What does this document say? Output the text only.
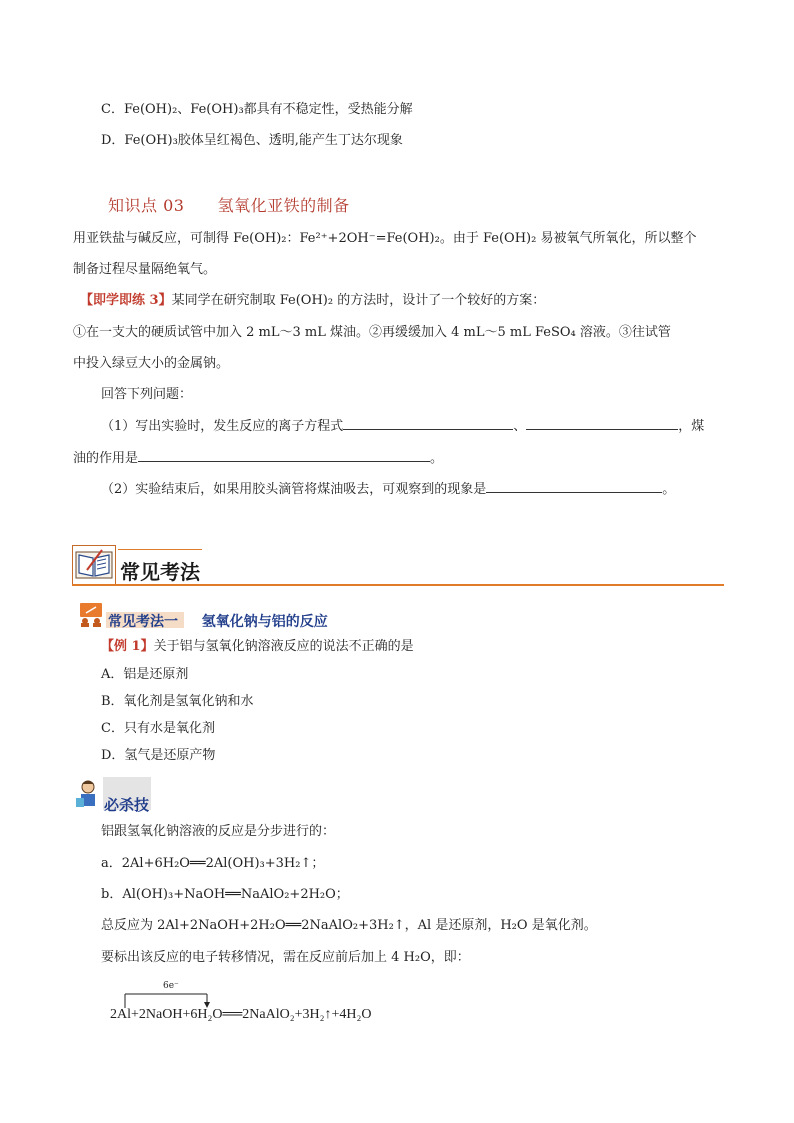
C．Fe(OH)₂、Fe(OH)₃都具有不稳定性，受热能分解
D．Fe(OH)₃胶体呈红褐色、透明,能产生丁达尔现象
知识点 03 氢氧化亚铁的制备
用亚铁盐与碱反应，可制得 Fe(OH)₂：Fe²⁺+2OH⁻=Fe(OH)₂。由于 Fe(OH)₂ 易被氧气所氧化，所以整个
制备过程尽量隔绝氧气。
【即学即练 3】某同学在研究制取 Fe(OH)₂ 的方法时，设计了一个较好的方案：
①在一支大的硬质试管中加入 2 mL～3 mL 煤油。②再缓缓加入 4 mL～5 mL FeSO₄ 溶液。③往试管
中投入绿豆大小的金属钠。
回答下列问题：
（1）写出实验时，发生反应的离子方程式	、	，煤
油的作用是	。
（2）实验结束后，如果用胶头滴管将煤油吸去，可观察到的现象是	。
常见考法
常见考法一 氢氧化钠与铝的反应
【例 1】关于铝与氢氧化钠溶液反应的说法不正确的是
A．铝是还原剂
B．氧化剂是氢氧化钠和水
C．只有水是氧化剂
D．氢气是还原产物
必杀技
铝跟氢氧化钠溶液的反应是分步进行的：
a．2Al+6H₂O══2Al(OH)₃+3H₂↑；
b．Al(OH)₃+NaOH══NaAlO₂+2H₂O；
总反应为 2Al+2NaOH+2H₂O══2NaAlO₂+3H₂↑，Al 是还原剂，H₂O 是氧化剂。
要标出该反应的电子转移情况，需在反应前后加上 4 H₂O，即：
6e⁻
2Al+2NaOH+6H₂O══2NaAlO₂+3H₂↑+4H₂O
